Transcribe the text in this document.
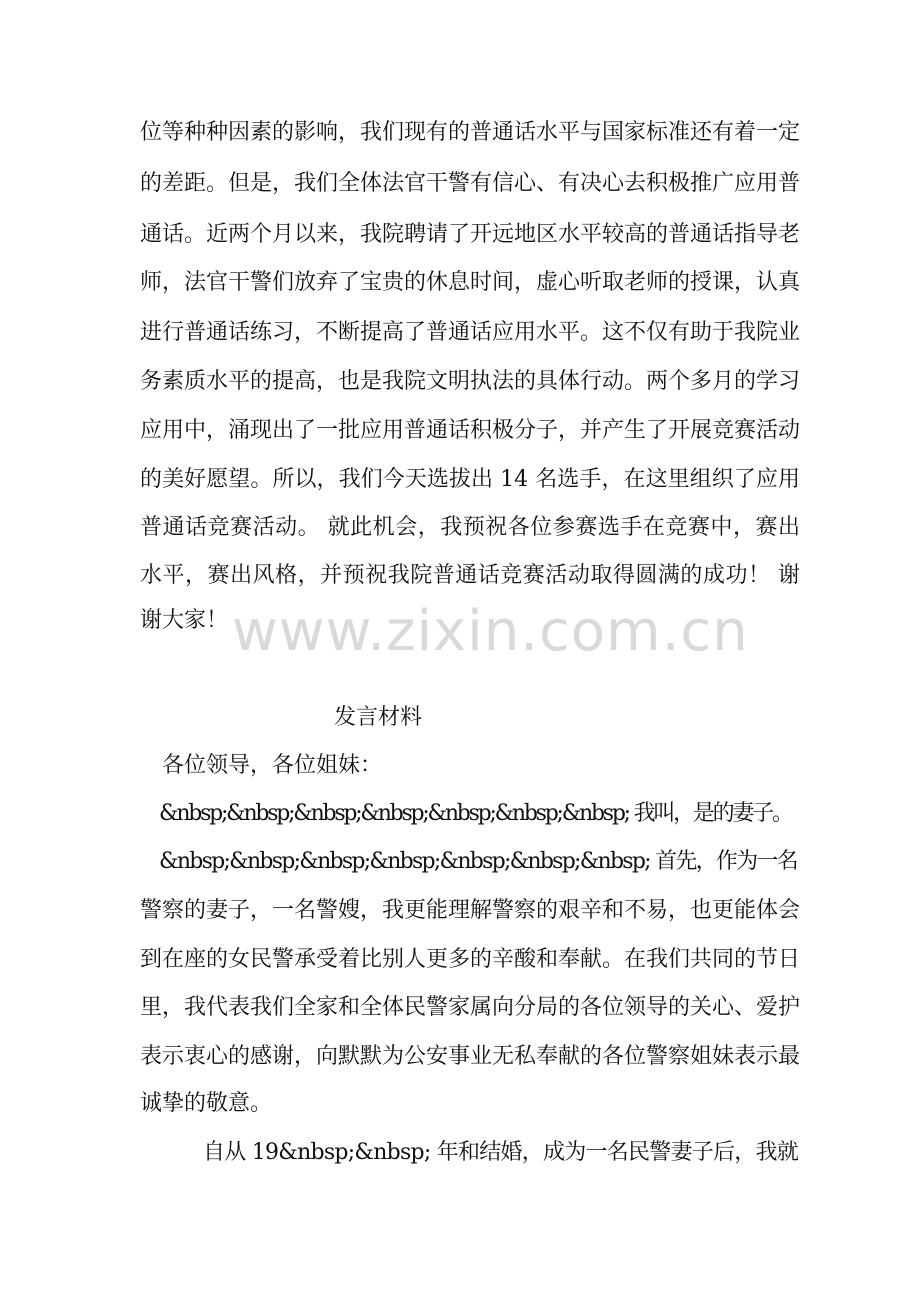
www.zixin.com.cn
位等种种因素的影响，我们现有的普通话水平与国家标准还有着一定
的差距。但是，我们全体法官干警有信心、有决心去积极推广应用普
通话。近两个月以来，我院聘请了开远地区水平较高的普通话指导老
师，法官干警们放弃了宝贵的休息时间，虚心听取老师的授课，认真
进行普通话练习，不断提高了普通话应用水平。这不仅有助于我院业
务素质水平的提高，也是我院文明执法的具体行动。两个多月的学习
应用中，涌现出了一批应用普通话积极分子，并产生了开展竞赛活动
的美好愿望。所以，我们今天选拔出 14 名选手，在这里组织了应用
普通话竞赛活动。 就此机会，我预祝各位参赛选手在竞赛中，赛出
水平，赛出风格，并预祝我院普通话竞赛活动取得圆满的成功！ 谢
谢大家！
发言材料
各位领导，各位姐妹：
&nbsp;&nbsp;&nbsp;&nbsp;&nbsp;&nbsp;&nbsp; 我叫，是的妻子。
&nbsp;&nbsp;&nbsp;&nbsp;&nbsp;&nbsp;&nbsp; 首先，作为一名
警察的妻子，一名警嫂，我更能理解警察的艰辛和不易，也更能体会
到在座的女民警承受着比别人更多的辛酸和奉献。在我们共同的节日
里，我代表我们全家和全体民警家属向分局的各位领导的关心、爱护
表示衷心的感谢，向默默为公安事业无私奉献的各位警察姐妹表示最
诚挚的敬意。
自从 19&nbsp;&nbsp; 年和结婚，成为一名民警妻子后，我就
